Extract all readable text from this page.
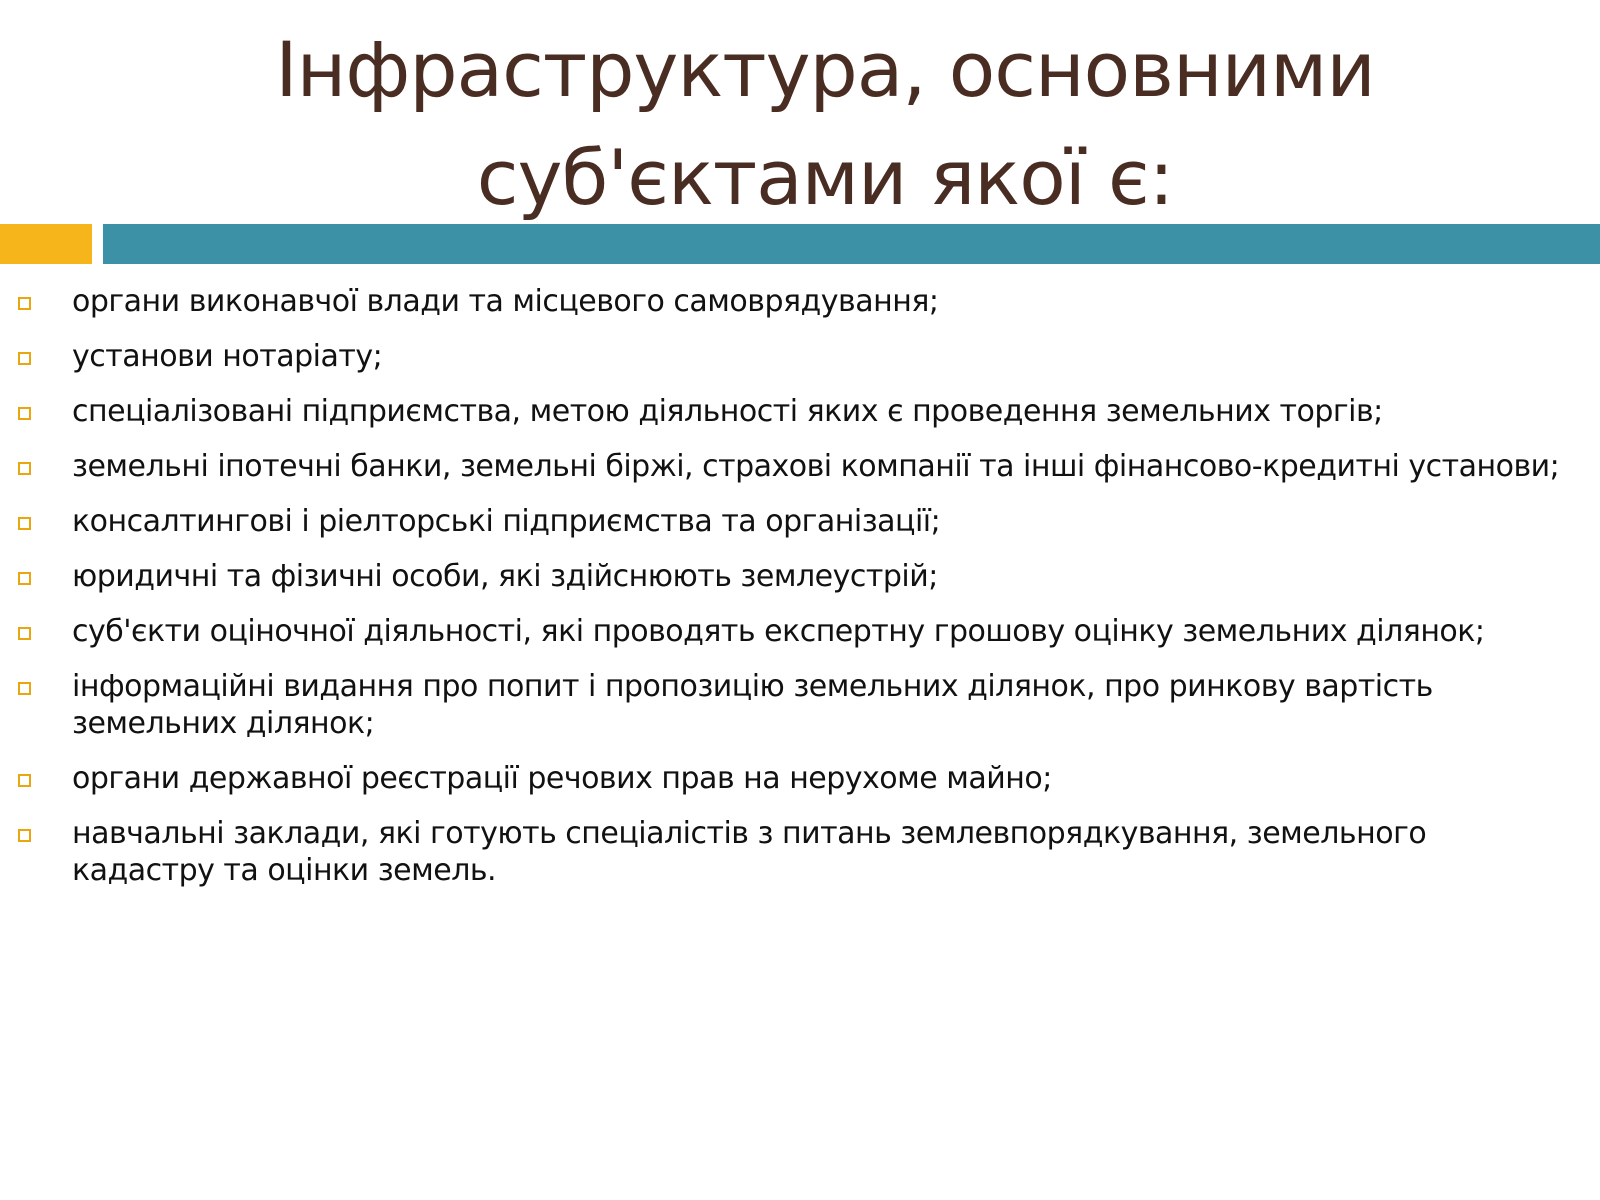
Інфраструктура, основними
суб'єктами якої є:
органи виконавчої влади та місцевого самоврядування;
установи нотаріату;
спеціалізовані підприємства, метою діяльності яких є проведення земельних торгів;
земельні іпотечні банки, земельні біржі, страхові компанії та інші фінансово-кредитні установи;
консалтингові і ріелторські підприємства та організації;
юридичні та фізичні особи, які здійснюють землеустрій;
суб'єкти оціночної діяльності, які проводять експертну грошову оцінку земельних ділянок;
інформаційні видання про попит і пропозицію земельних ділянок, про ринкову вартість земельних ділянок;
органи державної реєстрації речових прав на нерухоме майно;
навчальні заклади, які готують спеціалістів з питань землевпорядкування, земельного кадастру та оцінки земель.
